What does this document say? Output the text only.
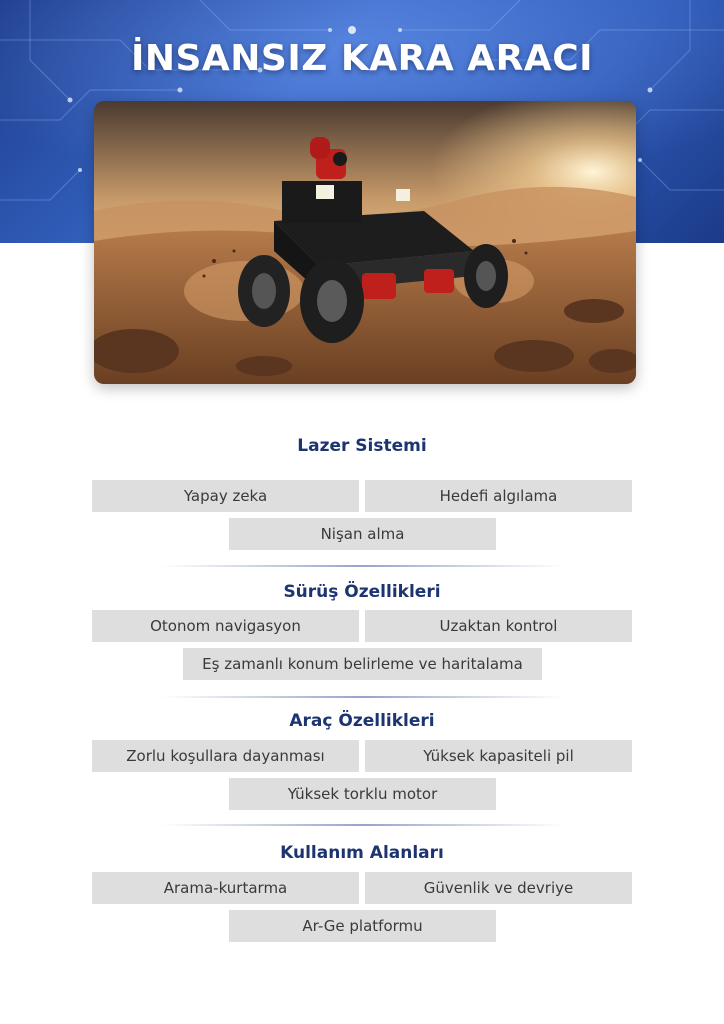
İNSANSIZ KARA ARACI
Lazer Sistemi
Yapay zeka	Hedefi algılama
Nişan alma
Sürüş Özellikleri
Otonom navigasyon	Uzaktan kontrol
Eş zamanlı konum belirleme ve haritalama
Araç Özellikleri
Zorlu koşullara dayanması	Yüksek kapasiteli pil
Yüksek torklu motor
Kullanım Alanları
Arama-kurtarma	Güvenlik ve devriye
Ar-Ge platformu
